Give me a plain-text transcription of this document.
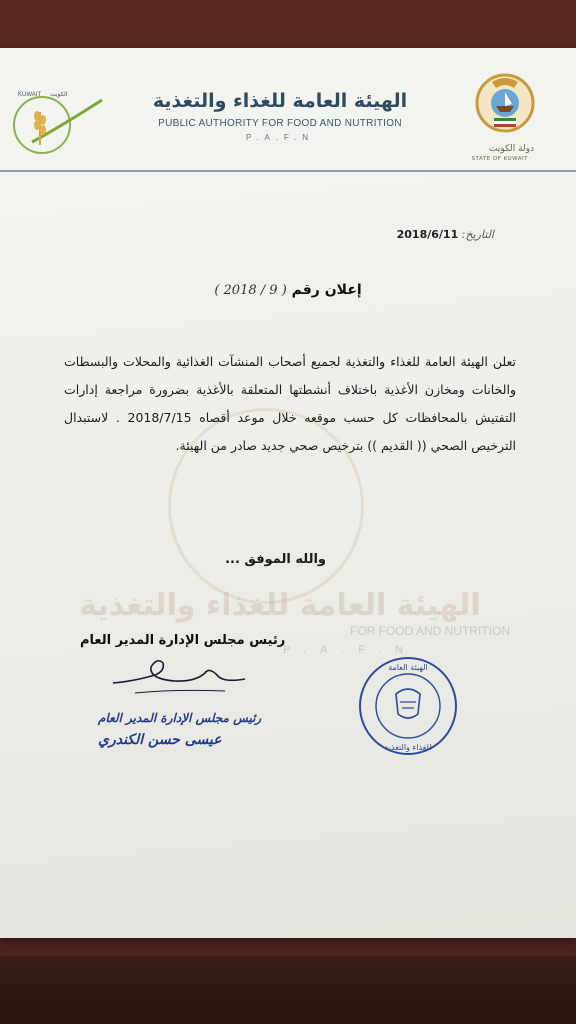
KUWAIT الكويت	الهيئة العامة للغذاء والتغذية
PUBLIC AUTHORITY FOR FOOD AND NUTRITION
P.A.F.N
دولة الكويت
STATE OF KUWAIT
التاريخ: 2018/6/11
إعلان رقم ( 9 / 2018 )

تعلن الهيئة العامة للغذاء والتغذية لجميع أصحاب المنشآت الغذائية والمحلات والبسطات والخانات ومخازن الأغذية باختلاف أنشطتها المتعلقة بالأغذية بضرورة مراجعة إدارات التفتيش بالمحافظات كل حسب موقعه خلال موعد أقصاه 2018/7/15 . لاستبدال الترخيص الصحي (( القديم )) بترخيص صحي جديد صادر من الهيئة.

والله الموفق ...
الهيئة العامة للغذاء والتغذية
FOR FOOD AND NUTRITION
P.A.F.N
رئيس مجلس الإدارة المدير العام
رئيس مجلس الإدارة المدير العام
عيسى حسن الكندري
الهيئة العامة
للغذاء والتغذية
